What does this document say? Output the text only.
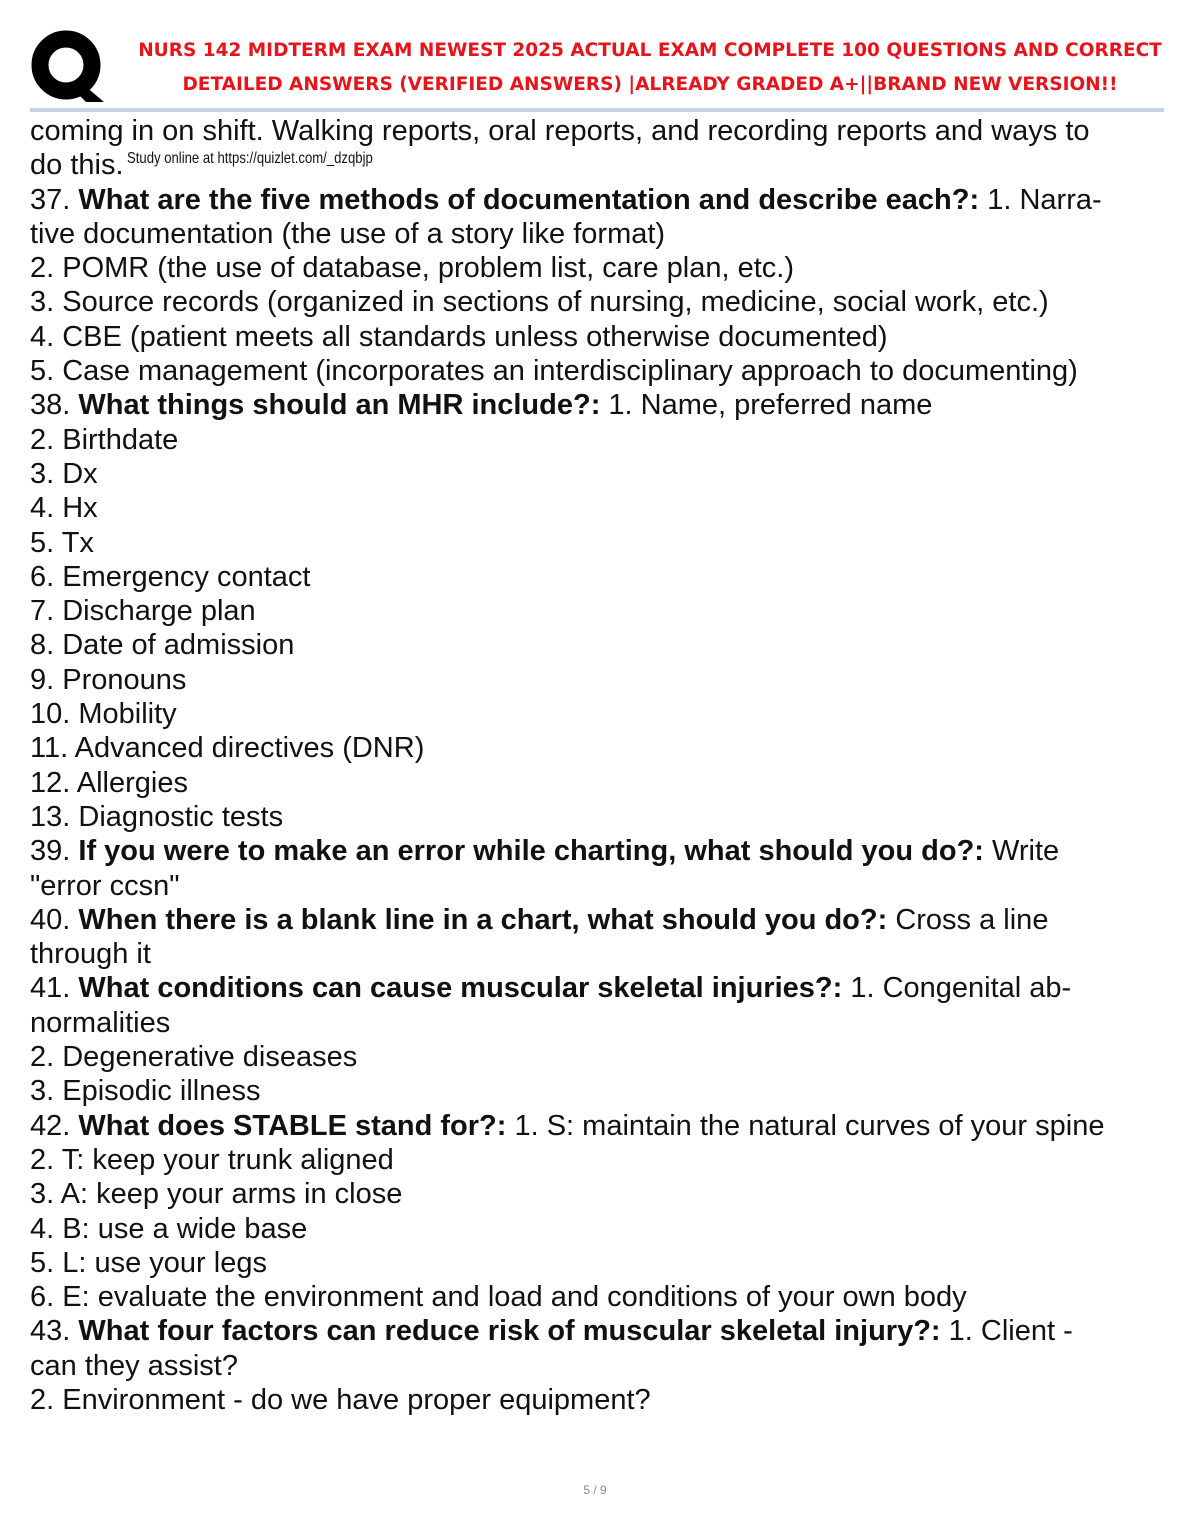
NURS 142 MIDTERM EXAM NEWEST 2025 ACTUAL EXAM COMPLETE 100 QUESTIONS AND CORRECT
DETAILED ANSWERS (VERIFIED ANSWERS) |ALREADY GRADED A+||BRAND NEW VERSION!!
coming in on shift. Walking reports, oral reports, and recording reports and ways to
do this.
37. What are the five methods of documentation and describe each?: 1. Narra-
tive documentation (the use of a story like format)
2. POMR (the use of database, problem list, care plan, etc.)
3. Source records (organized in sections of nursing, medicine, social work, etc.)
4. CBE (patient meets all standards unless otherwise documented)
5. Case management (incorporates an interdisciplinary approach to documenting)
38. What things should an MHR include?: 1. Name, preferred name
2. Birthdate
3. Dx
4. Hx
5. Tx
6. Emergency contact
7. Discharge plan
8. Date of admission
9. Pronouns
10. Mobility
11. Advanced directives (DNR)
12. Allergies
13. Diagnostic tests
39. If you were to make an error while charting, what should you do?: Write
"error ccsn"
40. When there is a blank line in a chart, what should you do?: Cross a line
through it
41. What conditions can cause muscular skeletal injuries?: 1. Congenital ab-
normalities
2. Degenerative diseases
3. Episodic illness
42. What does STABLE stand for?: 1. S: maintain the natural curves of your spine
2. T: keep your trunk aligned
3. A: keep your arms in close
4. B: use a wide base
5. L: use your legs
6. E: evaluate the environment and load and conditions of your own body
43. What four factors can reduce risk of muscular skeletal injury?: 1. Client -
can they assist?
2. Environment - do we have proper equipment?
Study online at https://quizlet.com/_dzqbjp
5 / 9
